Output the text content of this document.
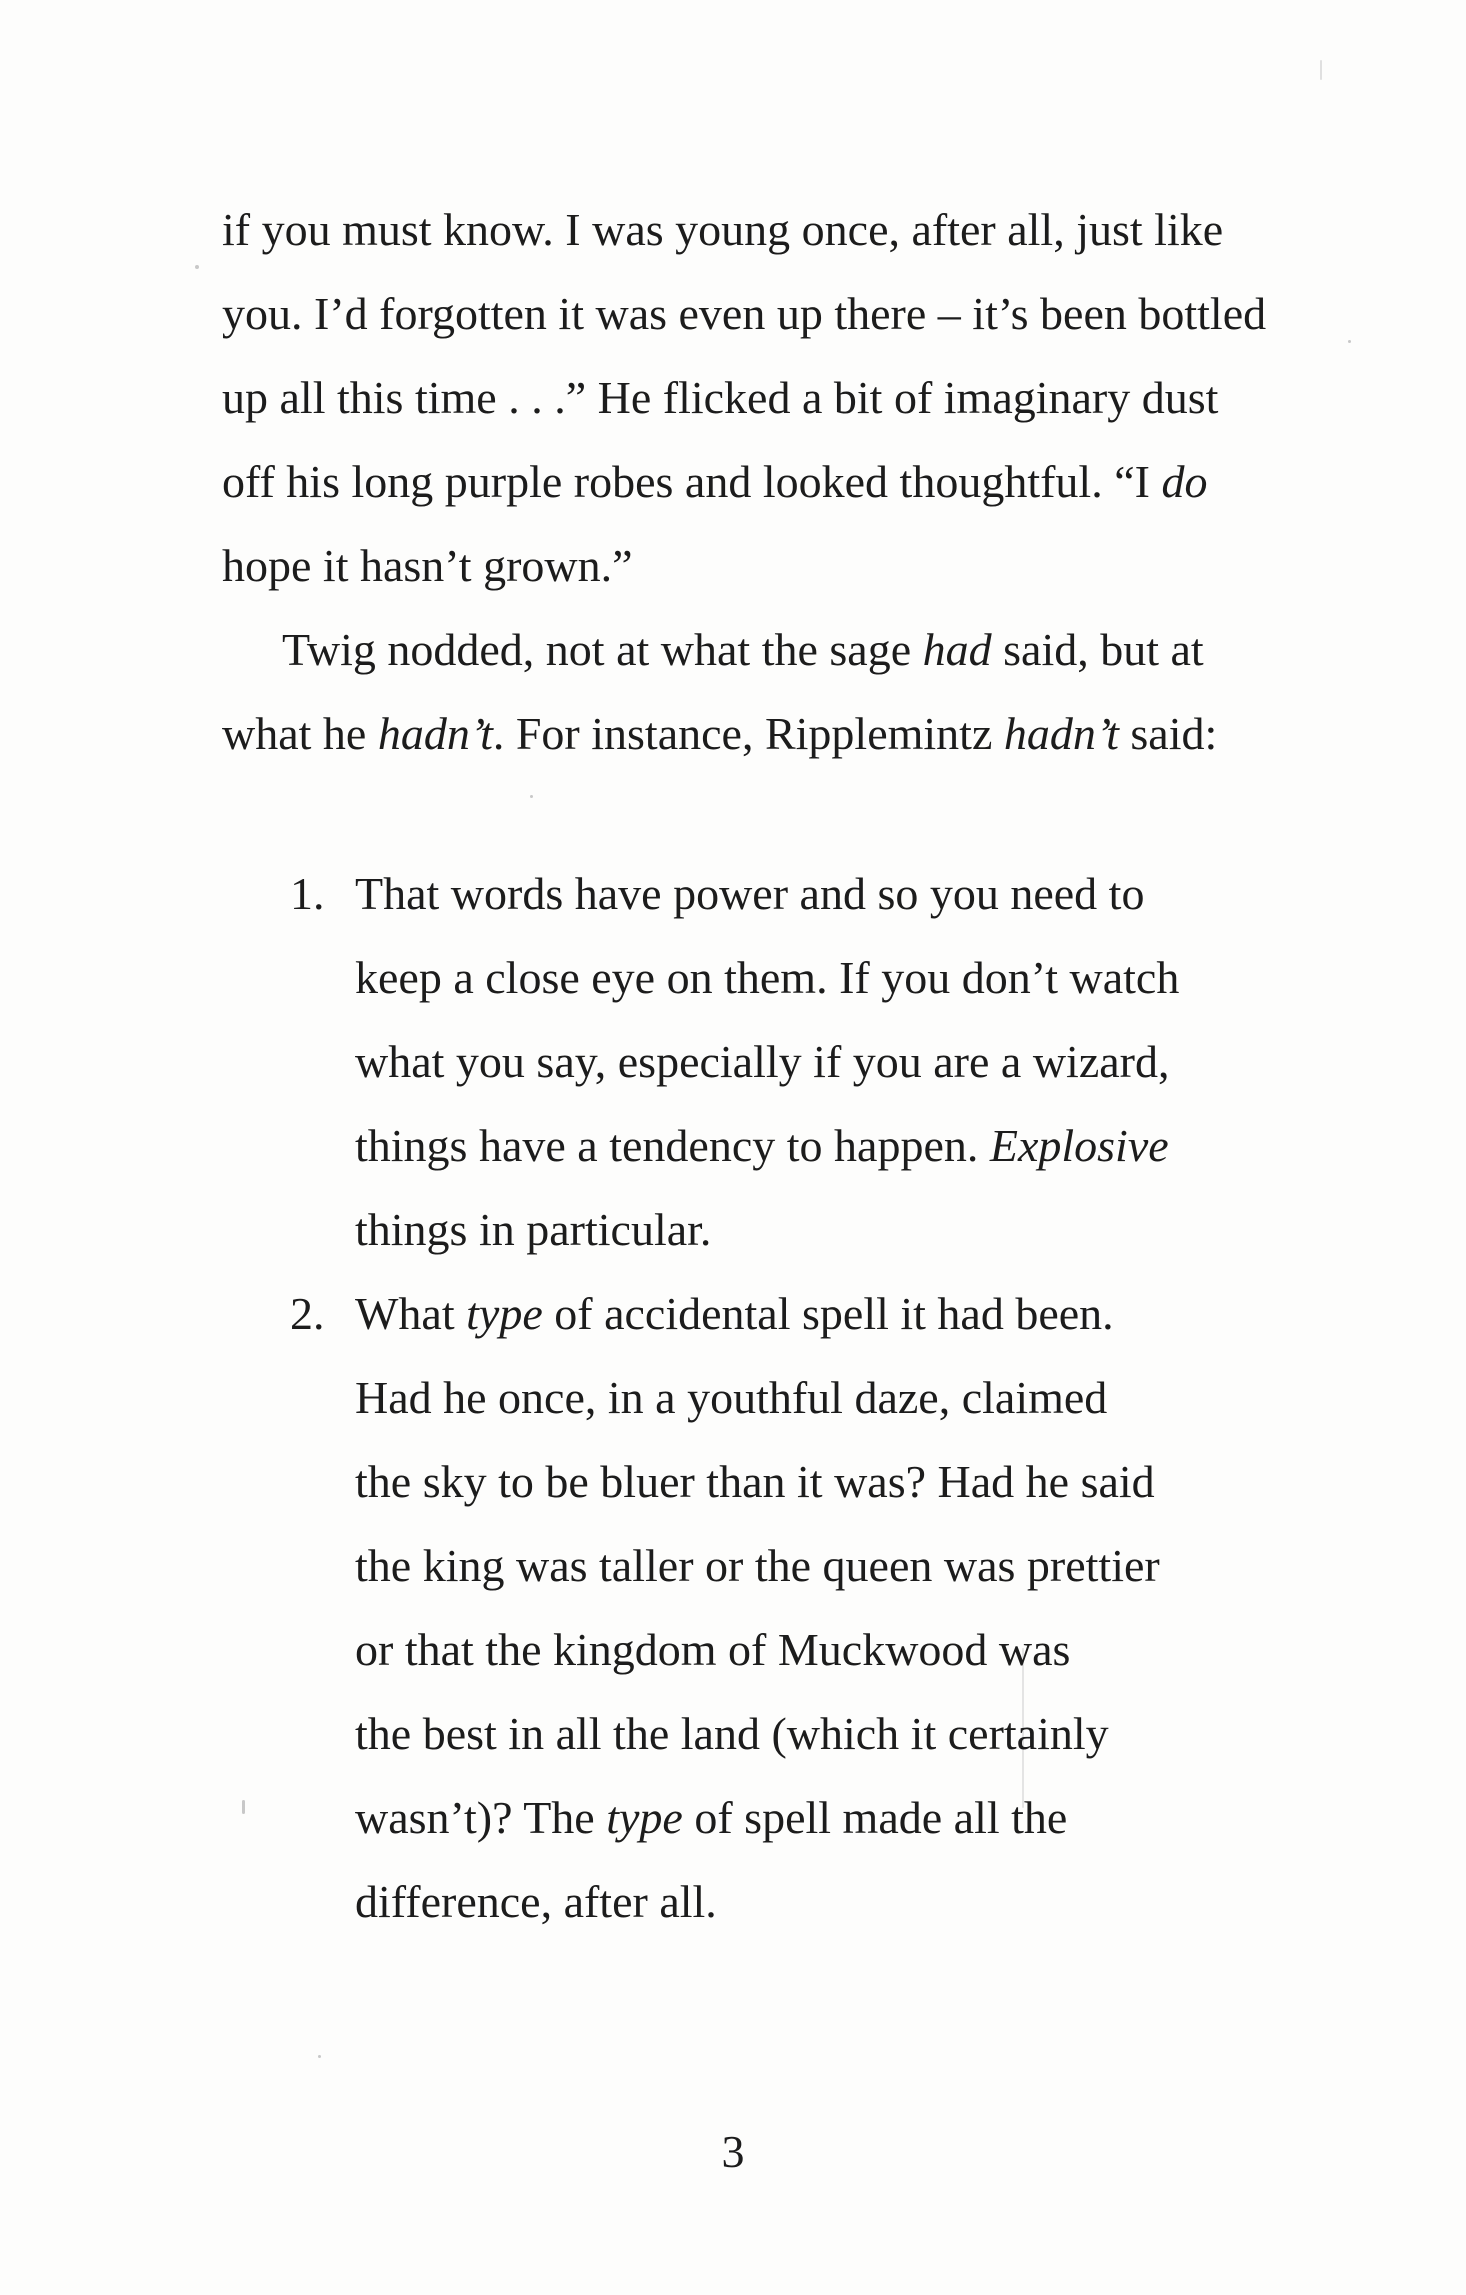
if you must know. I was young once, after all, just like
you. I’d forgotten it was even up there – it’s been bottled
up all this time . . .” He flicked a bit of imaginary dust
off his long purple robes and looked thoughtful. “I do
hope it hasn’t grown.”
Twig nodded, not at what the sage had said, but at
what he hadn’t. For instance, Ripplemintz hadn’t said:
1. That words have power and so you need to
keep a close eye on them. If you don’t watch
what you say, especially if you are a wizard,
things have a tendency to happen. Explosive
things in particular.
2. What type of accidental spell it had been.
Had he once, in a youthful daze, claimed
the sky to be bluer than it was? Had he said
the king was taller or the queen was prettier
or that the kingdom of Muckwood was
the best in all the land (which it certainly
wasn’t)? The type of spell made all the
difference, after all.
3
